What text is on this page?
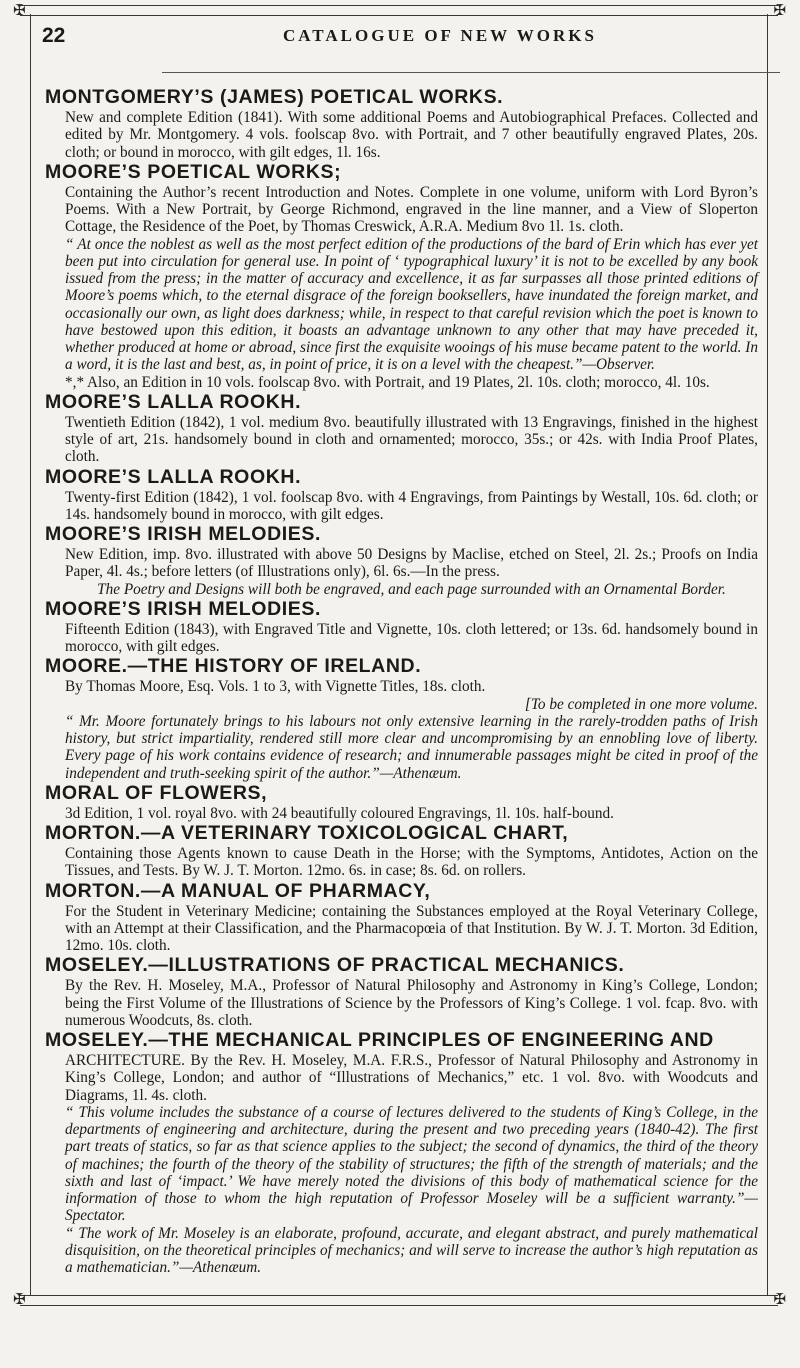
✠	✠
✠	✠
22	CATALOGUE OF NEW WORKS
MONTGOMERY’S (JAMES) POETICAL WORKS.

New and complete Edition (1841). With some additional Poems and Autobiographical Prefaces. Collected and edited by Mr. Montgomery. 4 vols. foolscap 8vo. with Portrait, and 7 other beautifully engraved Plates, 20s. cloth; or bound in morocco, with gilt edges, 1l. 16s.

MOORE’S POETICAL WORKS;

Containing the Author’s recent Introduction and Notes. Complete in one volume, uniform with Lord Byron’s Poems. With a New Portrait, by George Richmond, engraved in the line manner, and a View of Sloperton Cottage, the Residence of the Poet, by Thomas Creswick, A.R.A. Medium 8vo 1l. 1s. cloth.

“ At once the noblest as well as the most perfect edition of the productions of the bard of Erin which has ever yet been put into circulation for general use. In point of ‘ typographical luxury’ it is not to be excelled by any book issued from the press; in the matter of accuracy and excellence, it as far surpasses all those printed editions of Moore’s poems which, to the eternal disgrace of the foreign booksellers, have inundated the foreign market, and occasionally our own, as light does darkness; while, in respect to that careful revision which the poet is known to have bestowed upon this edition, it boasts an advantage unknown to any other that may have preceded it, whether produced at home or abroad, since first the exquisite wooings of his muse became patent to the world. In a word, it is the last and best, as, in point of price, it is on a level with the cheapest.”—Observer.

*,* Also, an Edition in 10 vols. foolscap 8vo. with Portrait, and 19 Plates, 2l. 10s. cloth; morocco, 4l. 10s.

MOORE’S LALLA ROOKH.

Twentieth Edition (1842), 1 vol. medium 8vo. beautifully illustrated with 13 Engravings, finished in the highest style of art, 21s. handsomely bound in cloth and ornamented; morocco, 35s.; or 42s. with India Proof Plates, cloth.

MOORE’S LALLA ROOKH.

Twenty-first Edition (1842), 1 vol. foolscap 8vo. with 4 Engravings, from Paintings by Westall, 10s. 6d. cloth; or 14s. handsomely bound in morocco, with gilt edges.

MOORE’S IRISH MELODIES.

New Edition, imp. 8vo. illustrated with above 50 Designs by Maclise, etched on Steel, 2l. 2s.; Proofs on India Paper, 4l. 4s.; before letters (of Illustrations only), 6l. 6s.—In the press.

The Poetry and Designs will both be engraved, and each page surrounded with an Ornamental Border.

MOORE’S IRISH MELODIES.

Fifteenth Edition (1843), with Engraved Title and Vignette, 10s. cloth lettered; or 13s. 6d. handsomely bound in morocco, with gilt edges.

MOORE.—THE HISTORY OF IRELAND.

By Thomas Moore, Esq. Vols. 1 to 3, with Vignette Titles, 18s. cloth.

[To be completed in one more volume.

“ Mr. Moore fortunately brings to his labours not only extensive learning in the rarely-trodden paths of Irish history, but strict impartiality, rendered still more clear and uncompromising by an ennobling love of liberty. Every page of his work contains evidence of research; and innumerable passages might be cited in proof of the independent and truth-seeking spirit of the author.”—Athenæum.

MORAL OF FLOWERS,

3d Edition, 1 vol. royal 8vo. with 24 beautifully coloured Engravings, 1l. 10s. half-bound.

MORTON.—A VETERINARY TOXICOLOGICAL CHART,

Containing those Agents known to cause Death in the Horse; with the Symptoms, Antidotes, Action on the Tissues, and Tests. By W. J. T. Morton. 12mo. 6s. in case; 8s. 6d. on rollers.

MORTON.—A MANUAL OF PHARMACY,

For the Student in Veterinary Medicine; containing the Substances employed at the Royal Veterinary College, with an Attempt at their Classification, and the Pharmacopœia of that Institution. By W. J. T. Morton. 3d Edition, 12mo. 10s. cloth.

MOSELEY.—ILLUSTRATIONS OF PRACTICAL MECHANICS.

By the Rev. H. Moseley, M.A., Professor of Natural Philosophy and Astronomy in King’s College, London; being the First Volume of the Illustrations of Science by the Professors of King’s College. 1 vol. fcap. 8vo. with numerous Woodcuts, 8s. cloth.

MOSELEY.—THE MECHANICAL PRINCIPLES OF ENGINEERING AND

ARCHITECTURE. By the Rev. H. Moseley, M.A. F.R.S., Professor of Natural Philosophy and Astronomy in King’s College, London; and author of “Illustrations of Mechanics,” etc. 1 vol. 8vo. with Woodcuts and Diagrams, 1l. 4s. cloth.

“ This volume includes the substance of a course of lectures delivered to the students of King’s College, in the departments of engineering and architecture, during the present and two preceding years (1840-42). The first part treats of statics, so far as that science applies to the subject; the second of dynamics, the third of the theory of machines; the fourth of the theory of the stability of structures; the fifth of the strength of materials; and the sixth and last of ‘impact.’ We have merely noted the divisions of this body of mathematical science for the information of those to whom the high reputation of Professor Moseley will be a sufficient warranty.”—Spectator.

“ The work of Mr. Moseley is an elaborate, profound, accurate, and elegant abstract, and purely mathematical disquisition, on the theoretical principles of mechanics; and will serve to increase the author’s high reputation as a mathematician.”—Athenæum.
